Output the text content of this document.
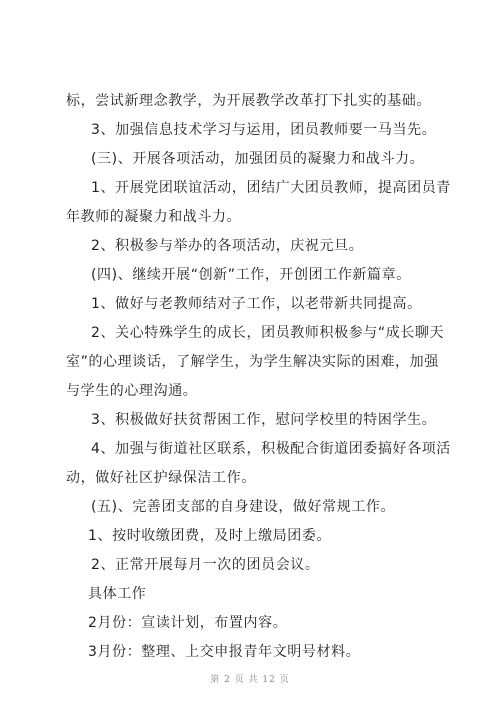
标，尝试新理念教学，为开展教学改革打下扎实的基础。

3、加强信息技术学习与运用，团员教师要一马当先。

(三)、开展各项活动，加强团员的凝聚力和战斗力。

1、开展党团联谊活动，团结广大团员教师，提高团员青年教师的凝聚力和战斗力。

2、积极参与举办的各项活动，庆祝元旦。

(四)、继续开展“创新”工作，开创团工作新篇章。

1、做好与老教师结对子工作，以老带新共同提高。

2、关心特殊学生的成长，团员教师积极参与“成长聊天室”的心理谈话，了解学生，为学生解决实际的困难，加强与学生的心理沟通。

3、积极做好扶贫帮困工作，慰问学校里的特困学生。

4、加强与街道社区联系，积极配合街道团委搞好各项活动，做好社区护绿保洁工作。

(五)、完善团支部的自身建设，做好常规工作。

1、按时收缴团费，及时上缴局团委。

2、正常开展每月一次的团员会议。

具体工作

2月份：宣读计划，布置内容。

3月份：整理、上交申报青年文明号材料。

第 2 页 共 12 页
